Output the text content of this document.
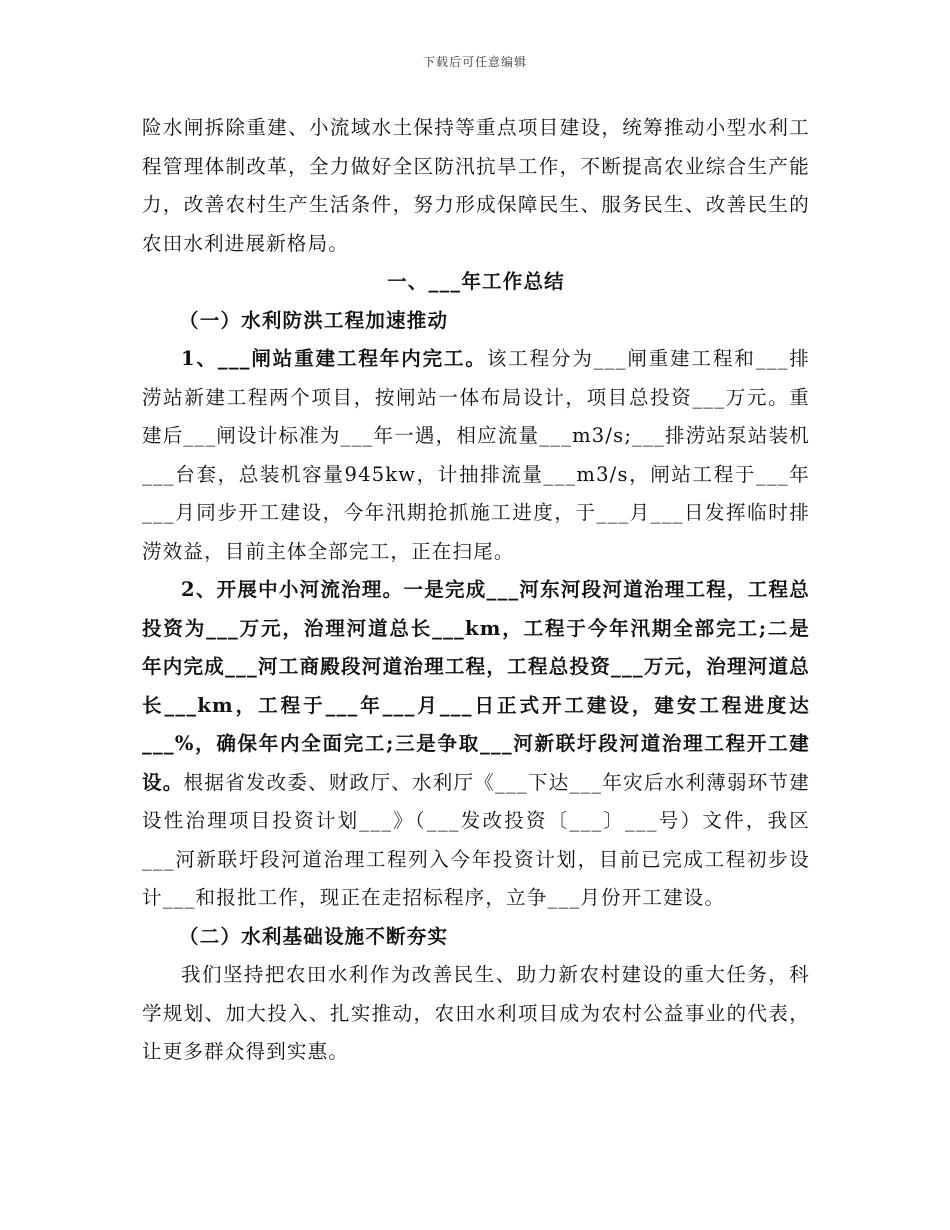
下载后可任意编辑

险水闸拆除重建、小流域水土保持等重点项目建设，统筹推动小型水利工程管理体制改革，全力做好全区防汛抗旱工作，不断提高农业综合生产能力，改善农村生产生活条件，努力形成保障民生、服务民生、改善民生的农田水利进展新格局。

一、___年工作总结

（一）水利防洪工程加速推动

1、___闸站重建工程年内完工。该工程分为___闸重建工程和___排涝站新建工程两个项目，按闸站一体布局设计，项目总投资___万元。重建后___闸设计标准为___年一遇，相应流量___m3/s;___排涝站泵站装机___台套，总装机容量945kw，计抽排流量___m3/s，闸站工程于___年___月同步开工建设，今年汛期抢抓施工进度，于___月___日发挥临时排涝效益，目前主体全部完工，正在扫尾。

2、开展中小河流治理。一是完成___河东河段河道治理工程，工程总投资为___万元，治理河道总长___km，工程于今年汛期全部完工;二是年内完成___河工商殿段河道治理工程，工程总投资___万元，治理河道总长___km，工程于___年___月___日正式开工建设，建安工程进度达___%，确保年内全面完工;三是争取___河新联圩段河道治理工程开工建设。根据省发改委、财政厅、水利厅《___下达___年灾后水利薄弱环节建设性治理项目投资计划___》（___发改投资〔___〕___号）文件，我区___河新联圩段河道治理工程列入今年投资计划，目前已完成工程初步设计___和报批工作，现正在走招标程序，立争___月份开工建设。

（二）水利基础设施不断夯实

我们坚持把农田水利作为改善民生、助力新农村建设的重大任务，科学规划、加大投入、扎实推动，农田水利项目成为农村公益事业的代表，让更多群众得到实惠。
